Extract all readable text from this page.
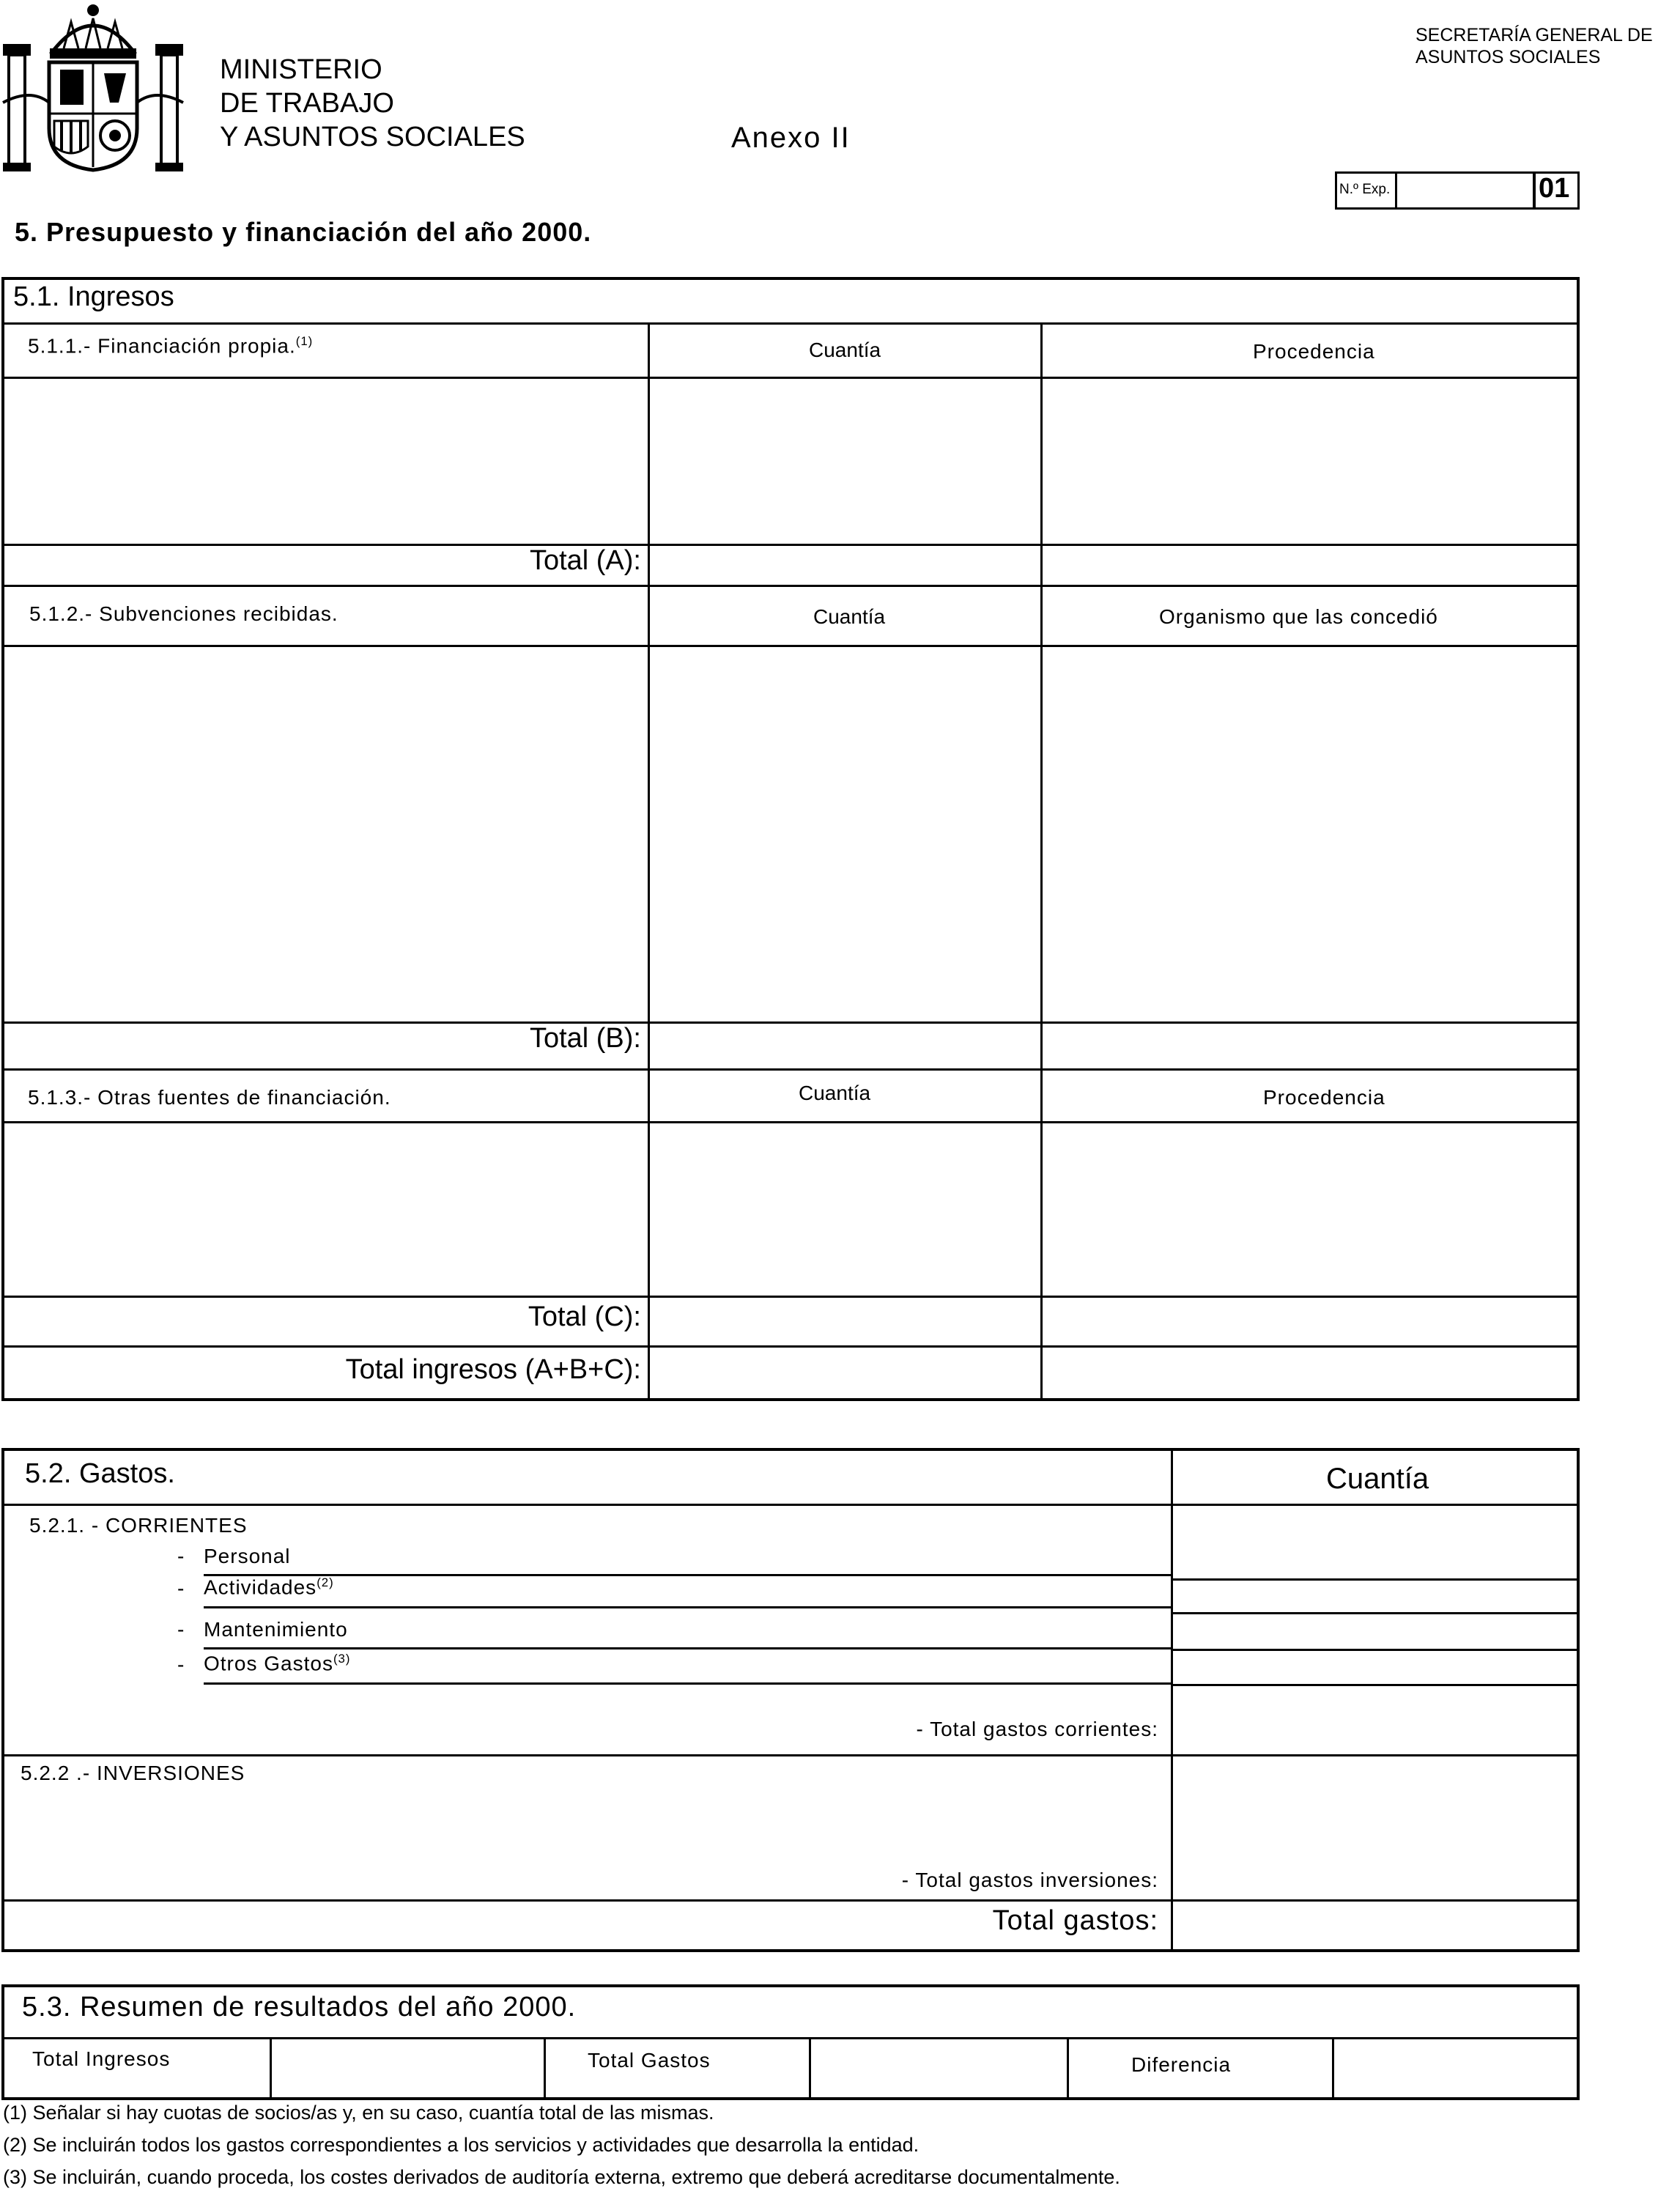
MINISTERIO
DE TRABAJO
Y ASUNTOS SOCIALES	Anexo II
SECRETARÍA GENERAL DE
ASUNTOS SOCIALES
N.º Exp.	01
5. Presupuesto y financiación del año 2000.
5.1. Ingresos
5.1.1.- Financiación propia.$^{(1)}$	Cuantía	Procedencia
Total (A):
5.1.2.- Subvenciones recibidas.	Cuantía	Organismo que las concedió
Total (B):
5.1.3.- Otras fuentes de financiación.	Cuantía	Procedencia
Total (C):
Total ingresos (A+B+C):
5.2. Gastos.	Cuantía
5.2.1. - CORRIENTES
- Personal
- Actividades$^{(2)}$
- Mantenimiento
- Otros Gastos$^{(3)}$
- Total gastos corrientes:
5.2.2 .- INVERSIONES
- Total gastos inversiones:
Total gastos:
5.3. Resumen de resultados del año 2000.
Total Ingresos	Total Gastos	Diferencia
(1) Señalar si hay cuotas de socios/as y, en su caso, cuantía total de las mismas.
(2) Se incluirán todos los gastos correspondientes a los servicios y actividades que desarrolla la entidad.
(3) Se incluirán, cuando proceda, los costes derivados de auditoría externa, extremo que deberá acreditarse documentalmente.
